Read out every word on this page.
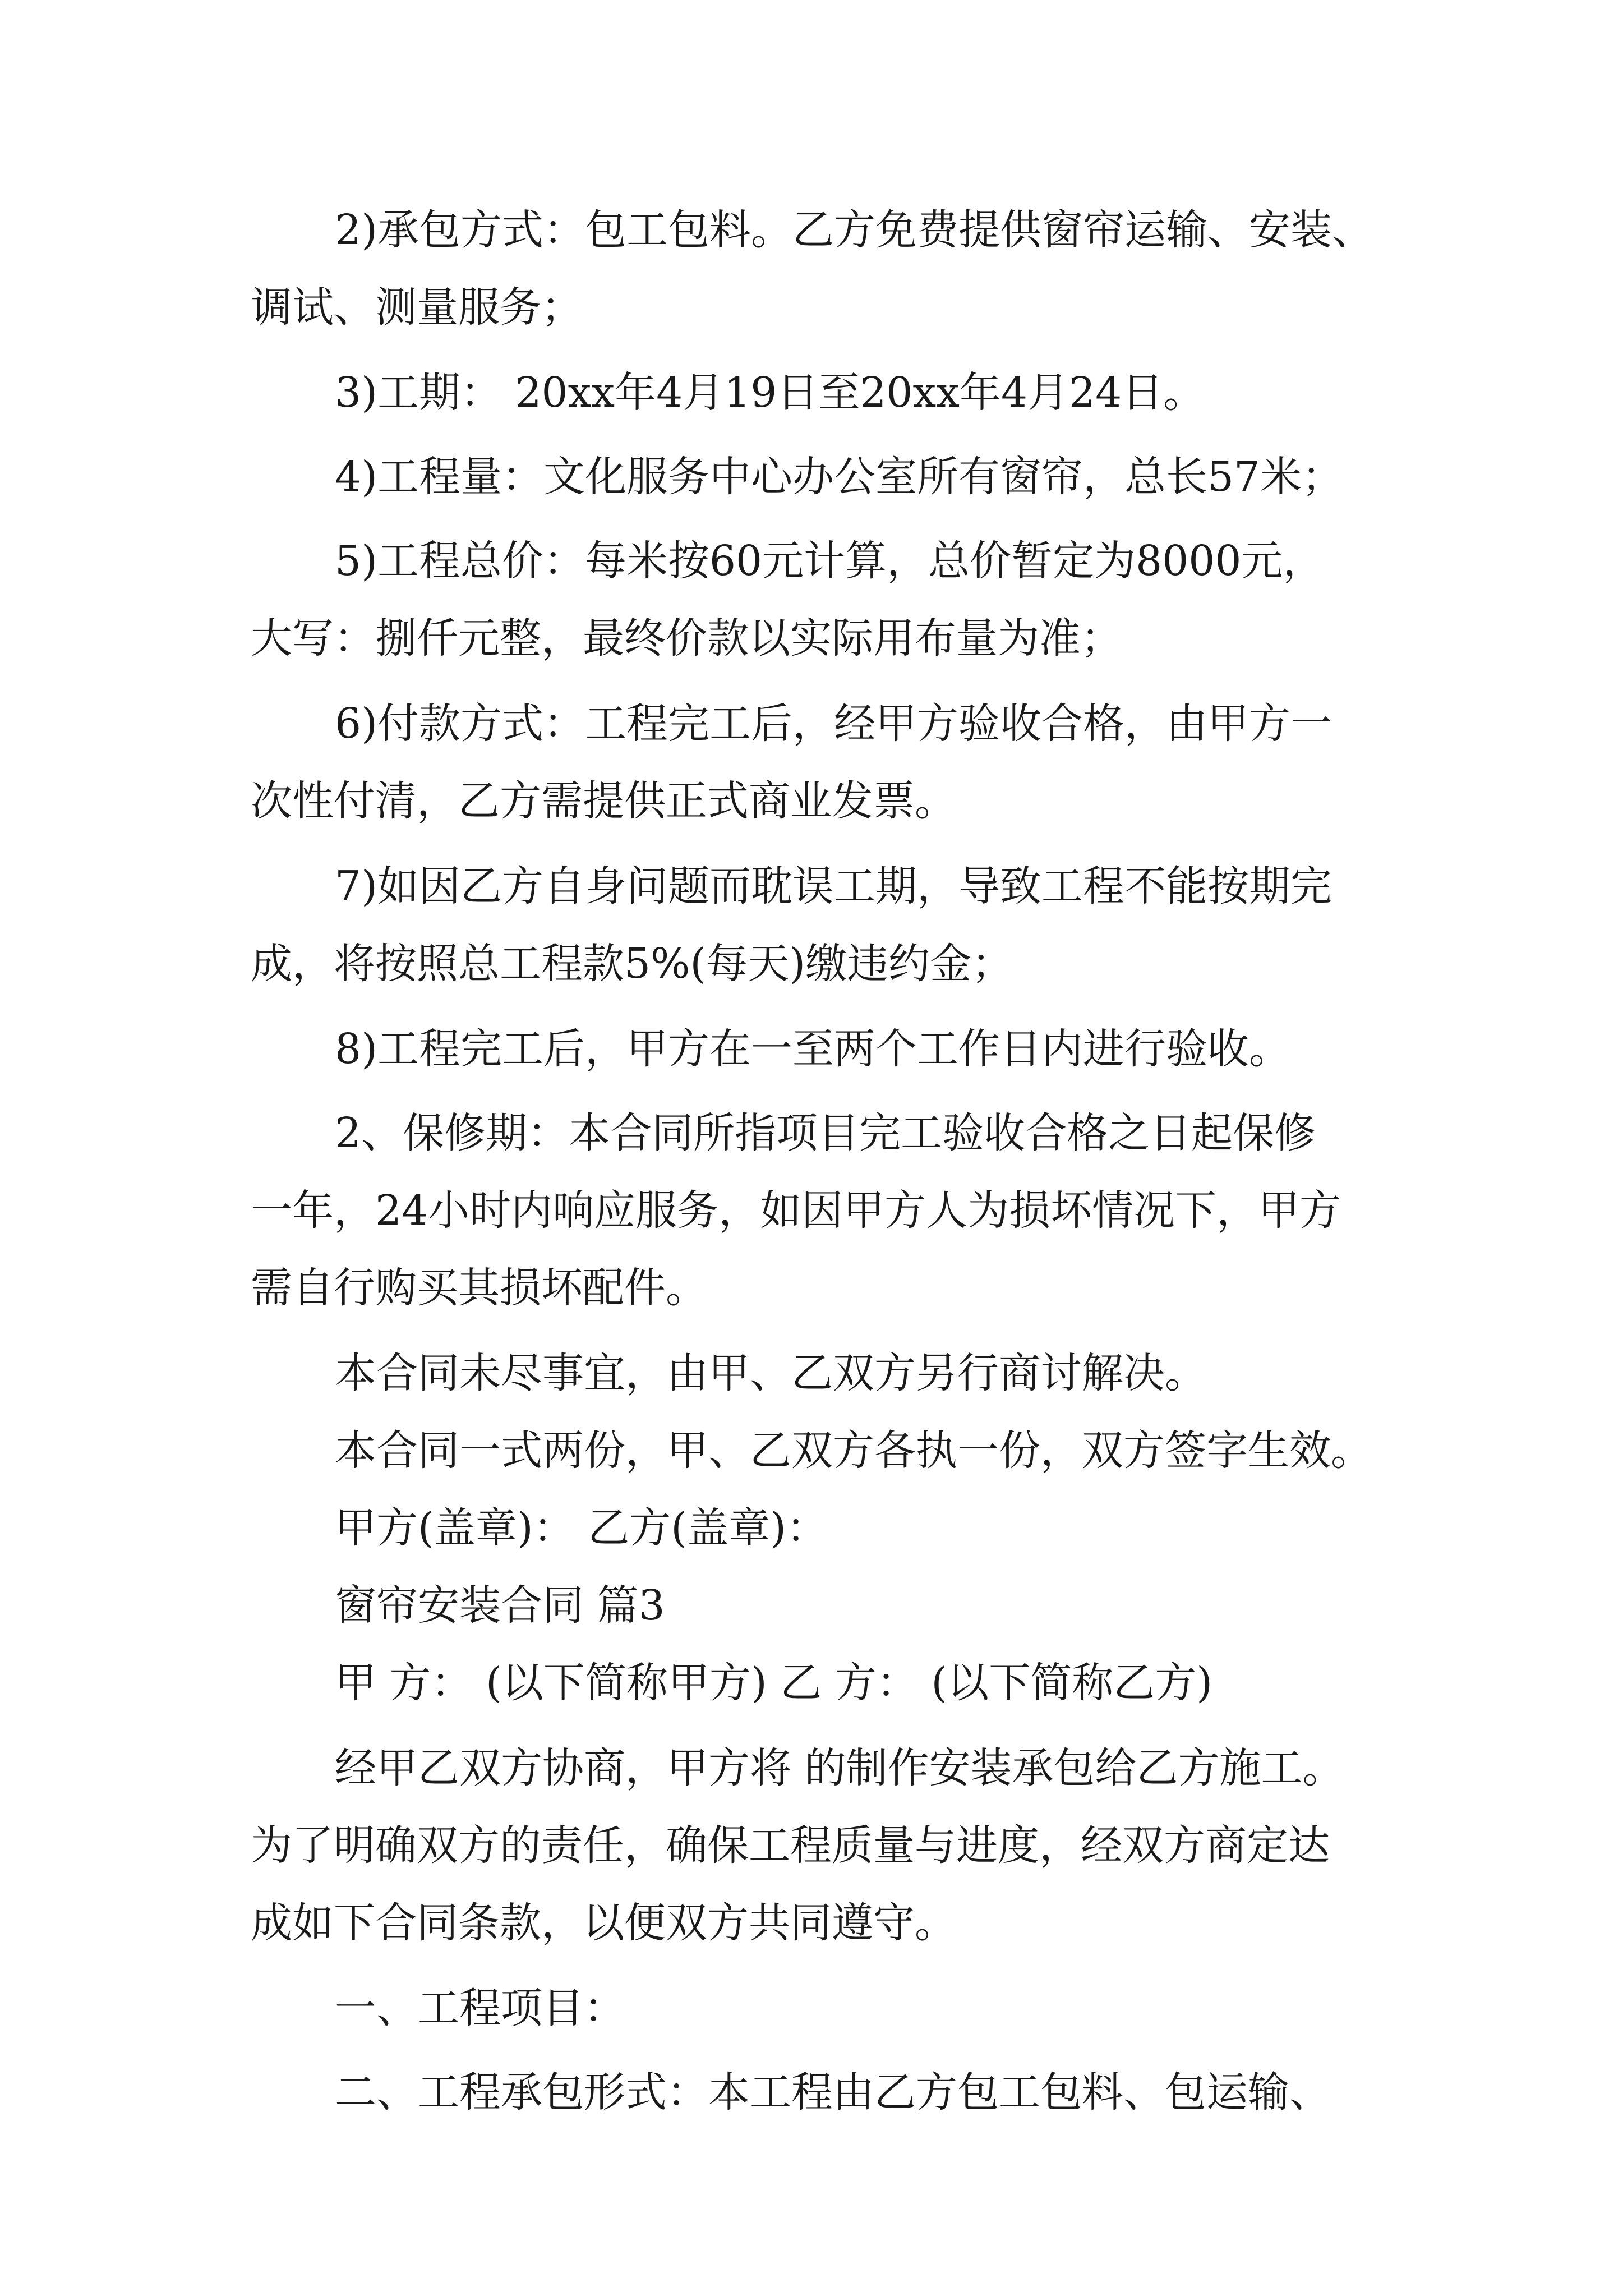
2)承包方式：包工包料。乙方免费提供窗帘运输、安装、
调试、测量服务；
3)工期： 20xx年4月19日至20xx年4月24日。
4)工程量：文化服务中心办公室所有窗帘，总长57米；
5)工程总价：每米按60元计算，总价暂定为8000元，
大写：捌仟元整，最终价款以实际用布量为准；
6)付款方式：工程完工后，经甲方验收合格，由甲方一
次性付清，乙方需提供正式商业发票。
7)如因乙方自身问题而耽误工期，导致工程不能按期完
成，将按照总工程款5%(每天)缴违约金；
8)工程完工后，甲方在一至两个工作日内进行验收。
2、保修期：本合同所指项目完工验收合格之日起保修
一年，24小时内响应服务，如因甲方人为损坏情况下，甲方
需自行购买其损坏配件。
本合同未尽事宜，由甲、乙双方另行商讨解决。
本合同一式两份，甲、乙双方各执一份，双方签字生效。
甲方(盖章)： 乙方(盖章)：
窗帘安装合同 篇3
甲 方： (以下简称甲方) 乙 方： (以下简称乙方)
经甲乙双方协商，甲方将 的制作安装承包给乙方施工。
为了明确双方的责任，确保工程质量与进度，经双方商定达
成如下合同条款，以便双方共同遵守。
一、工程项目：
二、工程承包形式：本工程由乙方包工包料、包运输、
